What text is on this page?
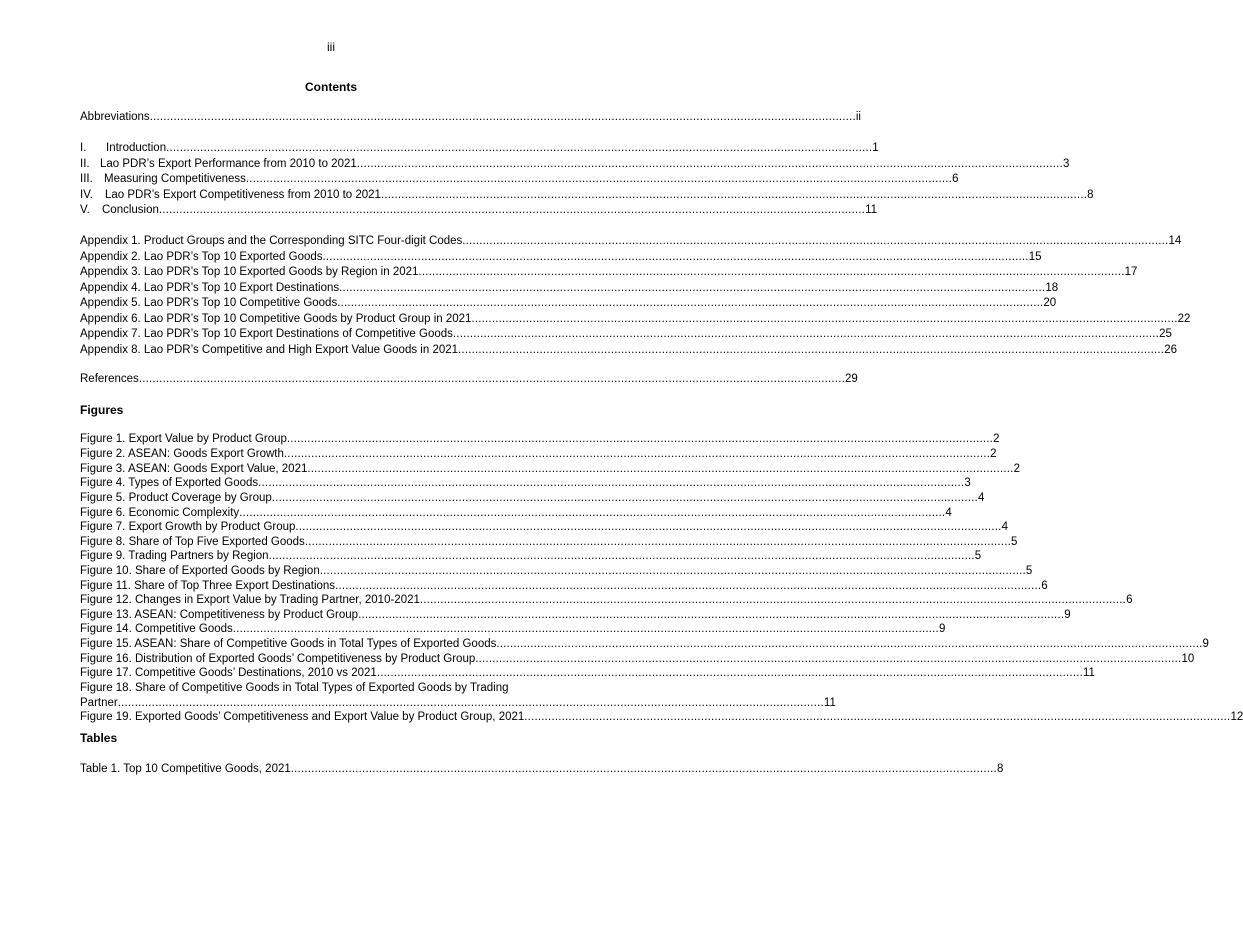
iii
Contents
Abbreviations .....	ii
I.	Introduction .....	1
II. Lao PDR’s Export Performance from 2010 to 2021 .....	3
III. Measuring Competitiveness .....	6
IV.	Lao PDR’s Export Competitiveness from 2010 to 2021 .....	8
V.	Conclusion .....	11
Appendix 1. Product Groups and the Corresponding SITC Four-digit Codes .....	14
Appendix 2. Lao PDR’s Top 10 Exported Goods .....	15
Appendix 3. Lao PDR’s Top 10 Exported Goods by Region in 2021 .....	17
Appendix 4. Lao PDR’s Top 10 Export Destinations .....	18
Appendix 5. Lao PDR’s Top 10 Competitive Goods .....	20
Appendix 6. Lao PDR’s Top 10 Competitive Goods by Product Group in 2021 .....	22
Appendix 7. Lao PDR’s Top 10 Export Destinations of Competitive Goods .....	25
Appendix 8. Lao PDR’s Competitive and High Export Value Goods in 2021 .....	26
References .....	29
Figures
Figure 1. Export Value by Product Group .....	2
Figure 2. ASEAN: Goods Export Growth .....	2
Figure 3. ASEAN: Goods Export Value, 2021 .....	2
Figure 4. Types of Exported Goods .....	3
Figure 5. Product Coverage by Group .....	4
Figure 6. Economic Complexity .....	4
Figure 7. Export Growth by Product Group .....	4
Figure 8. Share of Top Five Exported Goods .....	5
Figure 9. Trading Partners by Region .....	5
Figure 10. Share of Exported Goods by Region .....	5
Figure 11. Share of Top Three Export Destinations .....	6
Figure 12. Changes in Export Value by Trading Partner, 2010-2021 .....	6
Figure 13. ASEAN: Competitiveness by Product Group .....	9
Figure 14. Competitive Goods .....	9
Figure 15. ASEAN: Share of Competitive Goods in Total Types of Exported Goods .....	9
Figure 16. Distribution of Exported Goods’ Competitiveness by Product Group .....	10
Figure 17. Competitive Goods’ Destinations, 2010 vs 2021 .....	11
Figure 18. Share of Competitive Goods in Total Types of Exported Goods by Trading
Partner .....	11
Figure 19. Exported Goods’ Competitiveness and Export Value by Product Group, 2021 .....	12
Tables
Table 1. Top 10 Competitive Goods, 2021 .....	8
